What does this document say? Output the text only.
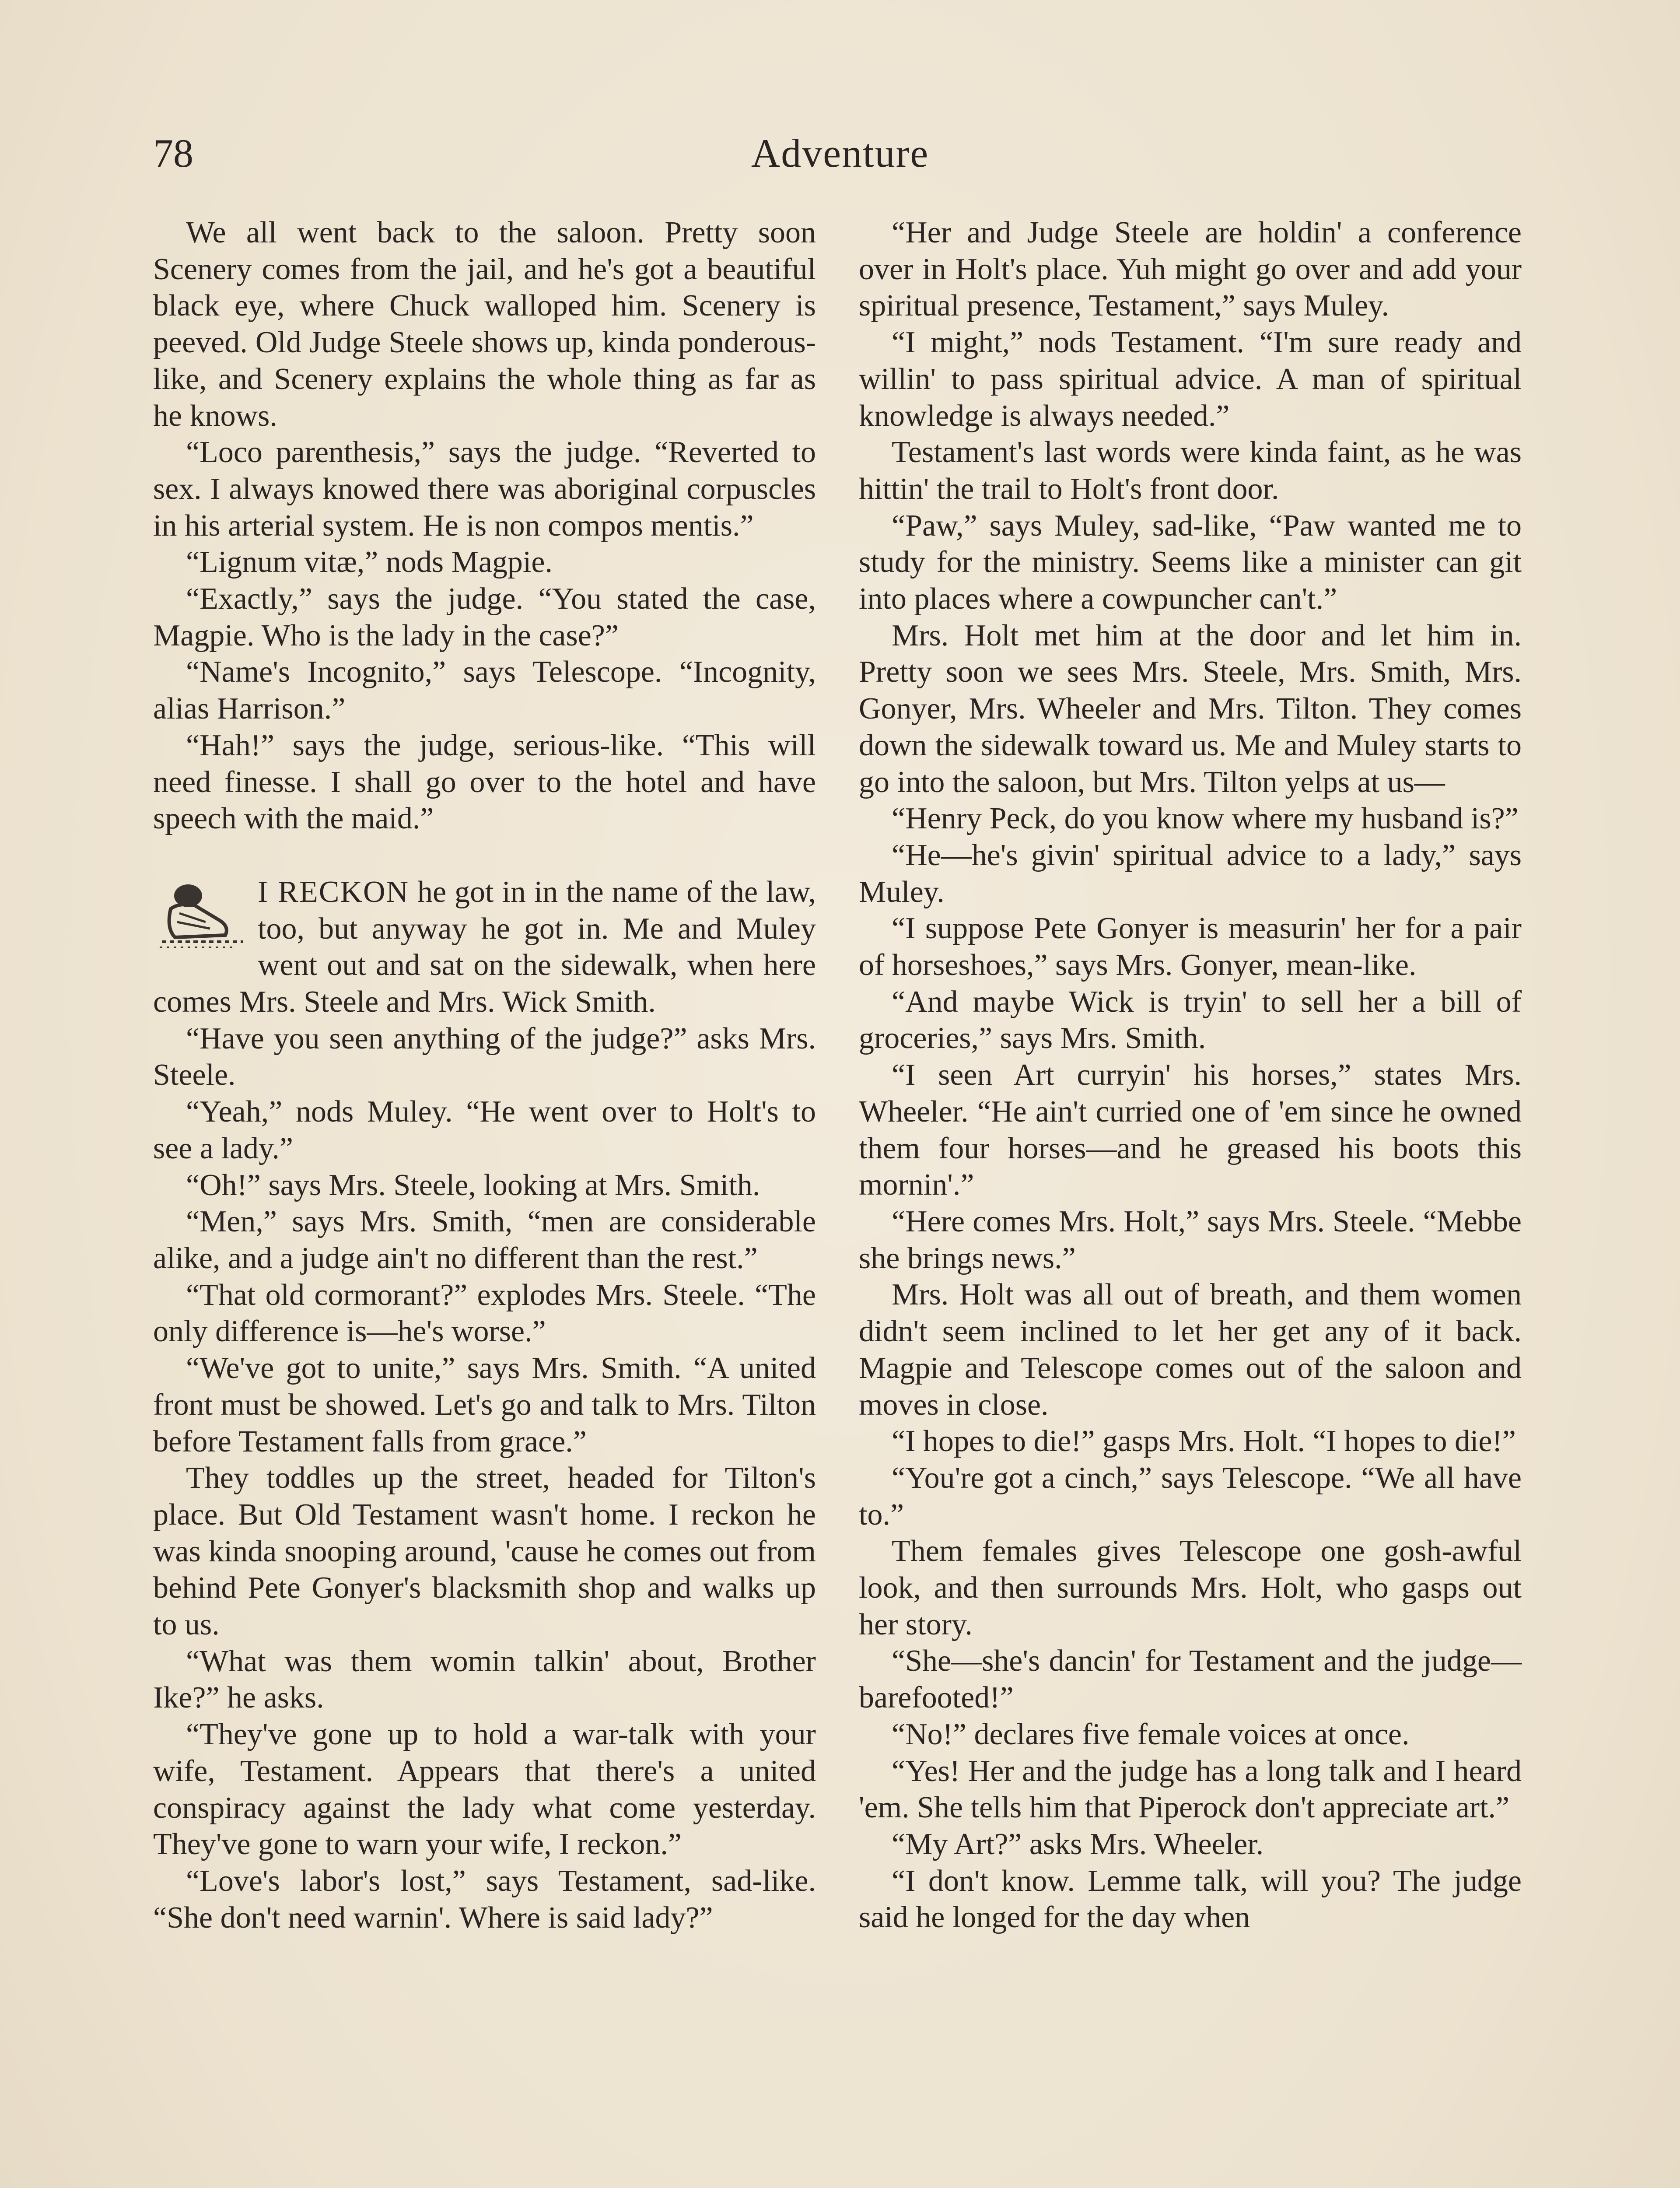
78	Adventure

We all went back to the saloon. Pretty soon Scenery comes from the jail, and he's got a beautiful black eye, where Chuck walloped him. Scenery is peeved. Old Judge Steele shows up, kinda ponderous-like, and Scenery explains the whole thing as far as he knows.

“Loco parenthesis,” says the judge. “Reverted to sex. I always knowed there was aboriginal corpuscles in his arterial system. He is non compos mentis.”

“Lignum vitæ,” nods Magpie.

“Exactly,” says the judge. “You stated the case, Magpie. Who is the lady in the case?”

“Name's Incognito,” says Telescope. “Incognity, alias Harrison.”

“Hah!” says the judge, serious-like. “This will need finesse. I shall go over to the hotel and have speech with the maid.”

I RECKON he got in in the name of the law, too, but anyway he got in. Me and Muley went out and sat on the sidewalk, when here comes Mrs. Steele and Mrs. Wick Smith.

“Have you seen anything of the judge?” asks Mrs. Steele.

“Yeah,” nods Muley. “He went over to Holt's to see a lady.”

“Oh!” says Mrs. Steele, looking at Mrs. Smith.

“Men,” says Mrs. Smith, “men are considerable alike, and a judge ain't no different than the rest.”

“That old cormorant?” explodes Mrs. Steele. “The only difference is—he's worse.”

“We've got to unite,” says Mrs. Smith. “A united front must be showed. Let's go and talk to Mrs. Tilton before Testament falls from grace.”

They toddles up the street, headed for Tilton's place. But Old Testament wasn't home. I reckon he was kinda snooping around, 'cause he comes out from behind Pete Gonyer's blacksmith shop and walks up to us.

“What was them womin talkin' about, Brother Ike?” he asks.

“They've gone up to hold a war-talk with your wife, Testament. Appears that there's a united conspiracy against the lady what come yesterday. They've gone to warn your wife, I reckon.”

“Love's labor's lost,” says Testament, sad-like. “She don't need warnin'. Where is said lady?”

“Her and Judge Steele are holdin' a conference over in Holt's place. Yuh might go over and add your spiritual presence, Testament,” says Muley.

“I might,” nods Testament. “I'm sure ready and willin' to pass spiritual advice. A man of spiritual knowledge is always needed.”

Testament's last words were kinda faint, as he was hittin' the trail to Holt's front door.

“Paw,” says Muley, sad-like, “Paw wanted me to study for the ministry. Seems like a minister can git into places where a cowpuncher can't.”

Mrs. Holt met him at the door and let him in. Pretty soon we sees Mrs. Steele, Mrs. Smith, Mrs. Gonyer, Mrs. Wheeler and Mrs. Tilton. They comes down the sidewalk toward us. Me and Muley starts to go into the saloon, but Mrs. Tilton yelps at us—

“Henry Peck, do you know where my husband is?”

“He—he's givin' spiritual advice to a lady,” says Muley.

“I suppose Pete Gonyer is measurin' her for a pair of horseshoes,” says Mrs. Gonyer, mean-like.

“And maybe Wick is tryin' to sell her a bill of groceries,” says Mrs. Smith.

“I seen Art curryin' his horses,” states Mrs. Wheeler. “He ain't curried one of 'em since he owned them four horses—and he greased his boots this mornin'.”

“Here comes Mrs. Holt,” says Mrs. Steele. “Mebbe she brings news.”

Mrs. Holt was all out of breath, and them women didn't seem inclined to let her get any of it back. Magpie and Telescope comes out of the saloon and moves in close.

“I hopes to die!” gasps Mrs. Holt. “I hopes to die!”

“You're got a cinch,” says Telescope. “We all have to.”

Them females gives Telescope one gosh-awful look, and then surrounds Mrs. Holt, who gasps out her story.

“She—she's dancin' for Testament and the judge—barefooted!”

“No!” declares five female voices at once.

“Yes! Her and the judge has a long talk and I heard 'em. She tells him that Piperock don't appreciate art.”

“My Art?” asks Mrs. Wheeler.

“I don't know. Lemme talk, will you? The judge said he longed for the day when
